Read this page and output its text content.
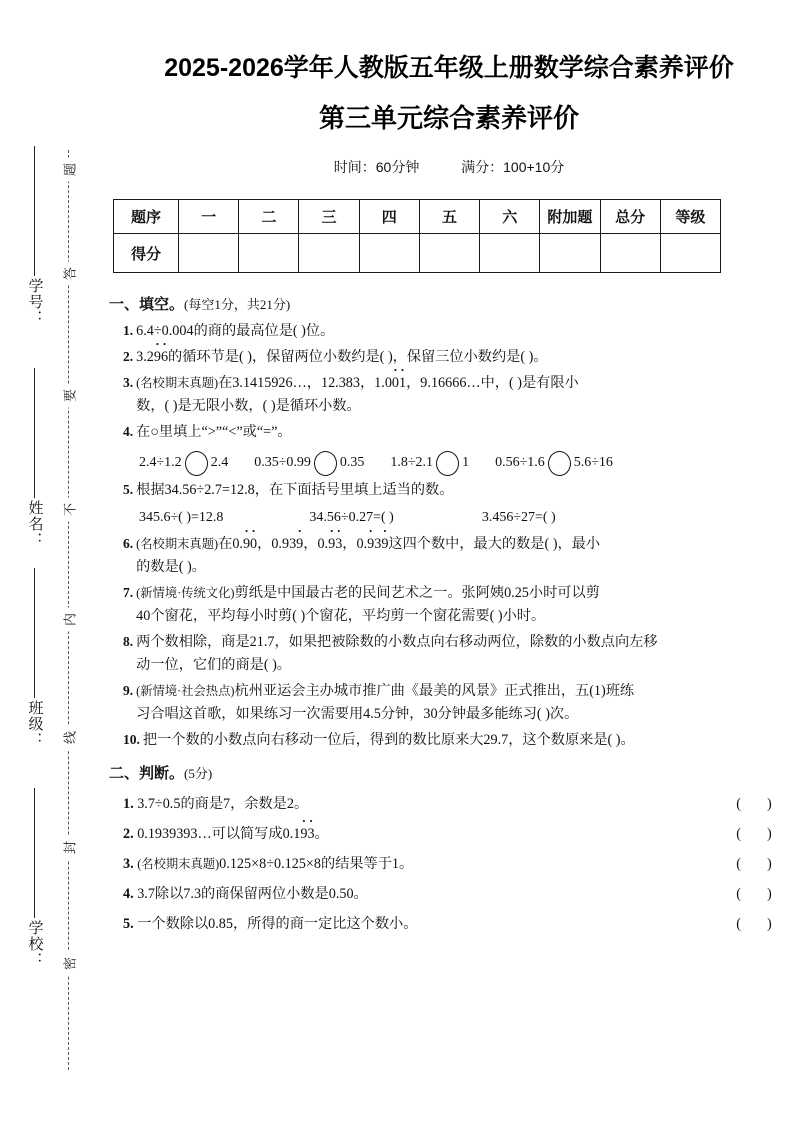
题
答
要
不
内
线
封
密
学号：
姓名：
班级：
学校：
2025-2026学年人教版五年级上册数学综合素养评价
第三单元综合素养评价
时间：60分钟	满分：100+10分
题序	一	二	三	四	五	六	附加题	总分	等级
得分									
一、填空。(每空1分，共21分)
1. 6.4÷0.004的商的最高位是( )位。
2. 3.29 •6 •的循环节是( )，保留两位小数约是( )，保留三位小数约是( )。
3. (名校期末真题)在3.1415926…，12.383，1.00 •1 •，9.16666…中，( )是有限小
数，( )是无限小数，( )是循环小数。
4. 在○里填上“>”“<”或“=”。
2.4÷1.2 2.4 0.35÷0.99 0.35 1.8÷2.1 1 0.56÷1.6 5.6÷16
5. 根据34.56÷2.7=12.8，在下面括号里填上适当的数。
345.6÷( )=12.8	34.56÷0.27=( )	3.456÷27=( )
6. (名校期末真题)在0.9 •0 •，0.939 •，0.9 •3 •，0.9 •39 •这四个数中，最大的数是( )，最小
的数是( )。
7. (新情境·传统文化)剪纸是中国最古老的民间艺术之一。张阿姨0.25小时可以剪
40个窗花，平均每小时剪( )个窗花，平均剪一个窗花需要( )小时。
8. 两个数相除，商是21.7，如果把被除数的小数点向右移动两位，除数的小数点向左移
动一位，它们的商是( )。
9. (新情境·社会热点)杭州亚运会主办城市推广曲《最美的风景》正式推出，五(1)班练
习合唱这首歌，如果练习一次需要用4.5分钟，30分钟最多能练习( )次。
10. 把一个数的小数点向右移动一位后，得到的数比原来大29.7，这个数原来是( )。
二、判断。(5分)
1. 3.7÷0.5的商是7，余数是2。	( )
2. 0.1939393…可以简写成0.19 •3 •。	( )
3. (名校期末真题)0.125×8÷0.125×8的结果等于1。	( )
4. 3.7除以7.3的商保留两位小数是0.50。	( )
5. 一个数除以0.85，所得的商一定比这个数小。	( )
